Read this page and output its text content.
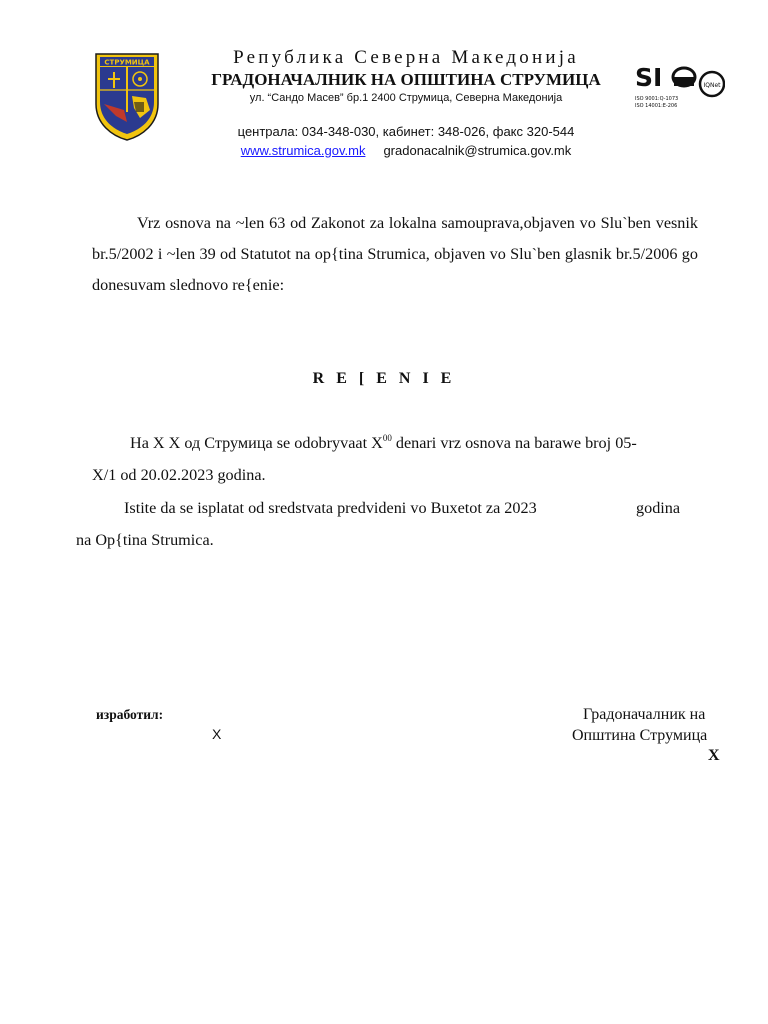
СТРУМИЦА	Република Северна Македонија
ГРАДОНАЧАЛНИК НА ОПШТИНА СТРУМИЦА
ул. “Сандо Масев” бр.1 2400 Струмица, Северна Македонија
централа: 034-348-030, кабинет: 348-026, факс 320-544
www.strumica.gov.mk gradonacalnik@strumica.gov.mk
SI	IQNet
ISO 9001:Q-1073
ISO 14001:E-206
Vrz osnova na ~len 63 od Zakonot za lokalna samouprava,objaven vo Slu`ben vesnik br.5/2002 i ~len 39 od Statutot na op{tina Strumica, objaven vo Slu`ben glasnik br.5/2006 go donesuvam slednovo re{enie:
R E [ E N I E
На X X од Струмица se odobryvaat $X^{00}$ denari vrz osnova na barawe broj 05-
X/1 od 20.02.2023 godina.
Istite da se isplatat od sredstvata predvideni vo Buxetot za 2023	godina
na Op{tina Strumica.
изработил:
X
Градоначалник на
Општина Струмица
X
